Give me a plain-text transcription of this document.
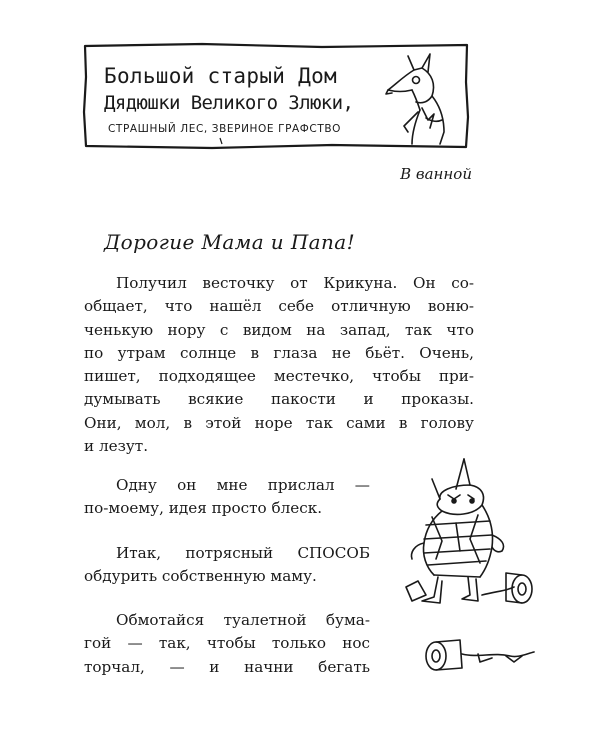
Большой старый Дом
Дядюшки Великого Злюки,
СТРАШНЫЙ ЛЕС, ЗВЕРИНОЕ ГРАФСТВО
В ванной
Дорогие Мама и Папа!

Получил весточку от Крикуна. Он со-
общает, что нашёл себе отличную воню-
ченькую нору с видом на запад, так что
по утрам солнце в глаза не бьёт. Очень,
пишет, подходящее местечко, чтобы при-
думывать всякие пакости и проказы.
Они, мол, в этой норе так сами в голову
и лезут.

Одну он мне прислал —
по-моему, идея просто блеск.

Итак, потрясный СПОСОБ
обдурить собственную маму.

Обмотайся туалетной бума-
гой — так, чтобы только нос
торчал, — и начни бегать
